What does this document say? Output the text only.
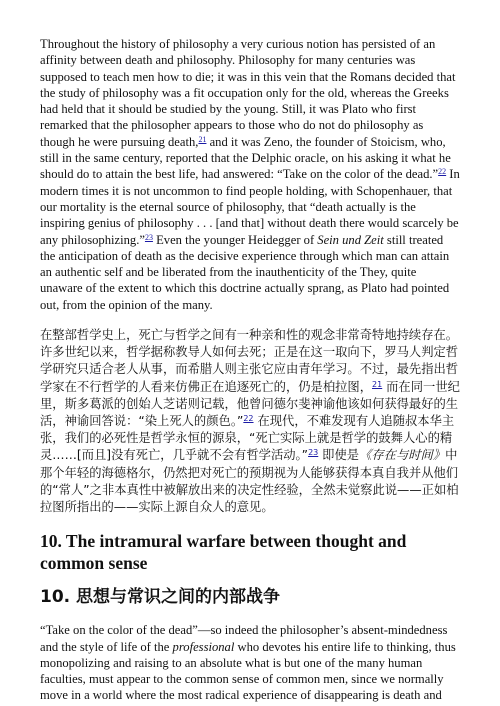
Throughout the history of philosophy a very curious notion has persisted of an affinity between death and philosophy. Philosophy for many centuries was supposed to teach men how to die; it was in this vein that the Romans decided that the study of philosophy was a fit occupation only for the old, whereas the Greeks had held that it should be studied by the young. Still, it was Plato who first remarked that the philosopher appears to those who do not do philosophy as though he were pursuing death,$^{21}$ and it was Zeno, the founder of Stoicism, who, still in the same century, reported that the Delphic oracle, on his asking it what he should do to attain the best life, had answered: “Take on the color of the dead.”$^{22}$ In modern times it is not uncommon to find people holding, with Schopenhauer, that our mortality is the eternal source of philosophy, that “death actually is the inspiring genius of philosophy . . . [and that] without death there would scarcely be any philosophizing.”$^{23}$ Even the younger Heidegger of Sein und Zeit still treated the anticipation of death as the decisive experience through which man can attain an authentic self and be liberated from the inauthenticity of the They, quite unaware of the extent to which this doctrine actually sprang, as Plato had pointed out, from the opinion of the many.

在整部哲学史上，死亡与哲学之间有一种亲和性的观念非常奇特地持续存在。许多世纪以来，哲学据称教导人如何去死；正是在这一取向下，罗马人判定哲学研究只适合老人从事，而希腊人则主张它应由青年学习。不过，最先指出哲学家在不行哲学的人看来仿佛正在追逐死亡的，仍是柏拉图，$^{21}$ 而在同一世纪里，斯多葛派的创始人芝诺则记载，他曾问德尔斐神谕他该如何获得最好的生活，神谕回答说：“染上死人的颜色。”$^{22}$ 在现代，不难发现有人追随叔本华主张，我们的必死性是哲学永恒的源泉，“死亡实际上就是哲学的鼓舞人心的精灵……[而且]没有死亡，几乎就不会有哲学活动。”$^{23}$ 即使是《存在与时间》中那个年轻的海德格尔，仍然把对死亡的预期视为人能够获得本真自我并从他们的“常人”之非本真性中被解放出来的决定性经验，全然未觉察此说——正如柏拉图所指出的——实际上源自众人的意见。

10. The intramural warfare between thought and common sense
10. 思想与常识之间的内部战争

“Take on the color of the dead”—so indeed the philosopher’s absent-mindedness and the style of life of the professional who devotes his entire life to thinking, thus monopolizing and raising to an absolute what is but one of the many human faculties, must appear to the common sense of common men, since we normally move in a world where the most radical experience of disappearing is death and
